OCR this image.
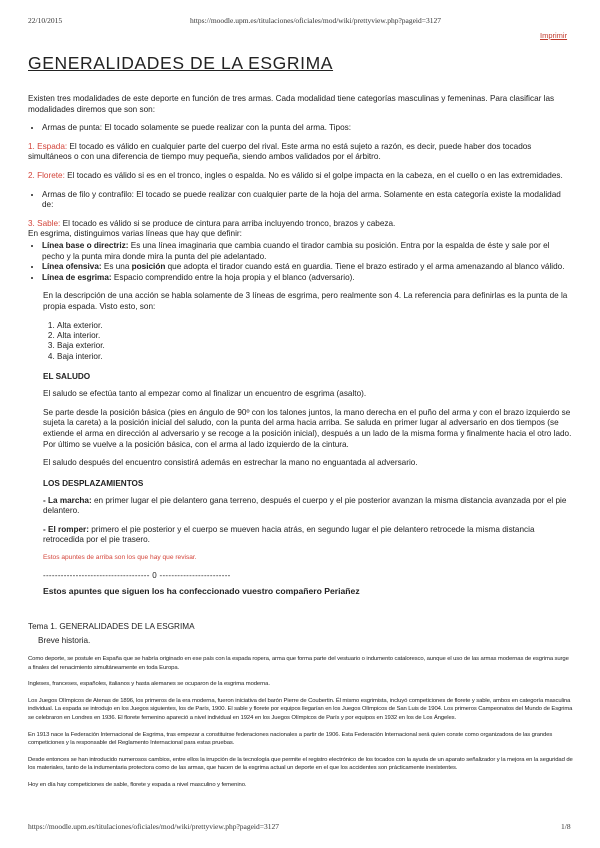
22/10/2015	https://moodle.upm.es/titulaciones/oficiales/mod/wiki/prettyview.php?pageid=3127
Imprimir
GENERALIDADES DE LA ESGRIMA

Existen tres modalidades de este deporte en función de tres armas. Cada modalidad tiene categorías masculinas y femeninas. Para clasificar las modalidades diremos que son son:

• Armas de punta: El tocado solamente se puede realizar con la punta del arma. Tipos:

1. Espada: El tocado es válido en cualquier parte del cuerpo del rival. Este arma no está sujeto a razón, es decir, puede haber dos tocados simultáneos o con una diferencia de tiempo muy pequeña, siendo ambos validados por el árbitro.

2. Florete: El tocado es válido si es en el tronco, ingles o espalda. No es válido si el golpe impacta en la cabeza, en el cuello o en las extremidades.

• Armas de filo y contrafilo: El tocado se puede realizar con cualquier parte de la hoja del arma. Solamente en esta categoría existe la modalidad de:

3. Sable: El tocado es válido si se produce de cintura para arriba incluyendo tronco, brazos y cabeza.

En esgrima, distinguimos varias líneas que hay que definir:

• Línea base o directriz: Es una línea imaginaria que cambia cuando el tirador cambia su posición. Entra por la espalda de éste y sale por el pecho y la punta mira donde mira la punta del pie adelantado.
• Línea ofensiva: Es una posición que adopta el tirador cuando está en guardia. Tiene el brazo estirado y el arma amenazando al blanco válido.
• Línea de esgrima: Espacio comprendido entre la hoja propia y el blanco (adversario).

En la descripción de una acción se habla solamente de 3 líneas de esgrima, pero realmente son 4. La referencia para definirlas es la punta de la propia espada. Visto esto, son:

1. Alta exterior.
2. Alta interior.
3. Baja exterior.
4. Baja interior.
EL SALUDO

El saludo se efectúa tanto al empezar como al finalizar un encuentro de esgrima (asalto).

Se parte desde la posición básica (pies en ángulo de 90º con los talones juntos, la mano derecha en el puño del arma y con el brazo izquierdo se sujeta la careta) a la posición inicial del saludo, con la punta del arma hacia arriba. Se saluda en primer lugar al adversario en dos tiempos (se extiende el arma en dirección al adversario y se recoge a la posición inicial), después a un lado de la misma forma y finalmente hacia el otro lado. Por último se vuelve a la posición básica, con el arma al lado izquierdo de la cintura.

El saludo después del encuentro consistirá además en estrechar la mano no enguantada al adversario.

LOS DESPLAZAMIENTOS

- La marcha: en primer lugar el pie delantero gana terreno, después el cuerpo y el pie posterior avanzan la misma distancia avanzada por el pie delantero.

- El romper: primero el pie posterior y el cuerpo se mueven hacia atrás, en segundo lugar el pie delantero retrocede la misma distancia retrocedida por el pie trasero.

Estos apuntes de arriba son los que hay que revisar.
------------------------------------ 0 ------------------------
Estos apuntes que siguen los ha confeccionado vuestro compañero Periañez
Tema 1. GENERALIDADES DE LA ESGRIMA
Breve historia.

Como deporte, se postule en España que se habría originado en ese país con la espada ropera, arma que forma parte del vestuario o indumento cataloresco, aunque el uso de las armas modernas de esgrima surge a finales del renacimiento simultáneamente en toda Europa.

Ingleses, franceses, españoles, italianos y hasta alemanes se ocuparon de la esgrima moderna.

Los Juegos Olímpicos de Atenas de 1896, los primeros de la era moderna, fueron iniciativa del barón Pierre de Coubertin. Él mismo esgrimista, incluyó competiciones de florete y sable, ambos en categoría masculina individual. La espada se introdujo en los Juegos siguientes, los de París, 1900. El sable y florete por equipos llegarían en los Juegos Olímpicos de San Luis de 1904. Los primeros Campeonatos del Mundo de Esgrima se celebraron en Londres en 1936. El florete femenino apareció a nivel individual en 1924 en los Juegos Olímpicos de París y por equipos en 1932 en los de Los Ángeles.

En 1913 nace la Federación Internacional de Esgrima, tras empezar a constituirse federaciones nacionales a partir de 1906. Esta Federación Internacional será quien conste como organizadora de las grandes competiciones y la responsable del Reglamento Internacional para estas pruebas.

Desde entonces se han introducido numerosos cambios, entre ellos la irrupción de la tecnología que permite el registro electrónico de los tocados con la ayuda de un aparato señalizador y la mejora en la seguridad de los materiales, tanto de la indumentaria protectora como de las armas, que hacen de la esgrima actual un deporte en el que los accidentes son prácticamente inexistentes.

Hoy en día hay competiciones de sable, florete y espada a nivel masculino y femenino.

https://moodle.upm.es/titulaciones/oficiales/mod/wiki/prettyview.php?pageid=3127	1/8
